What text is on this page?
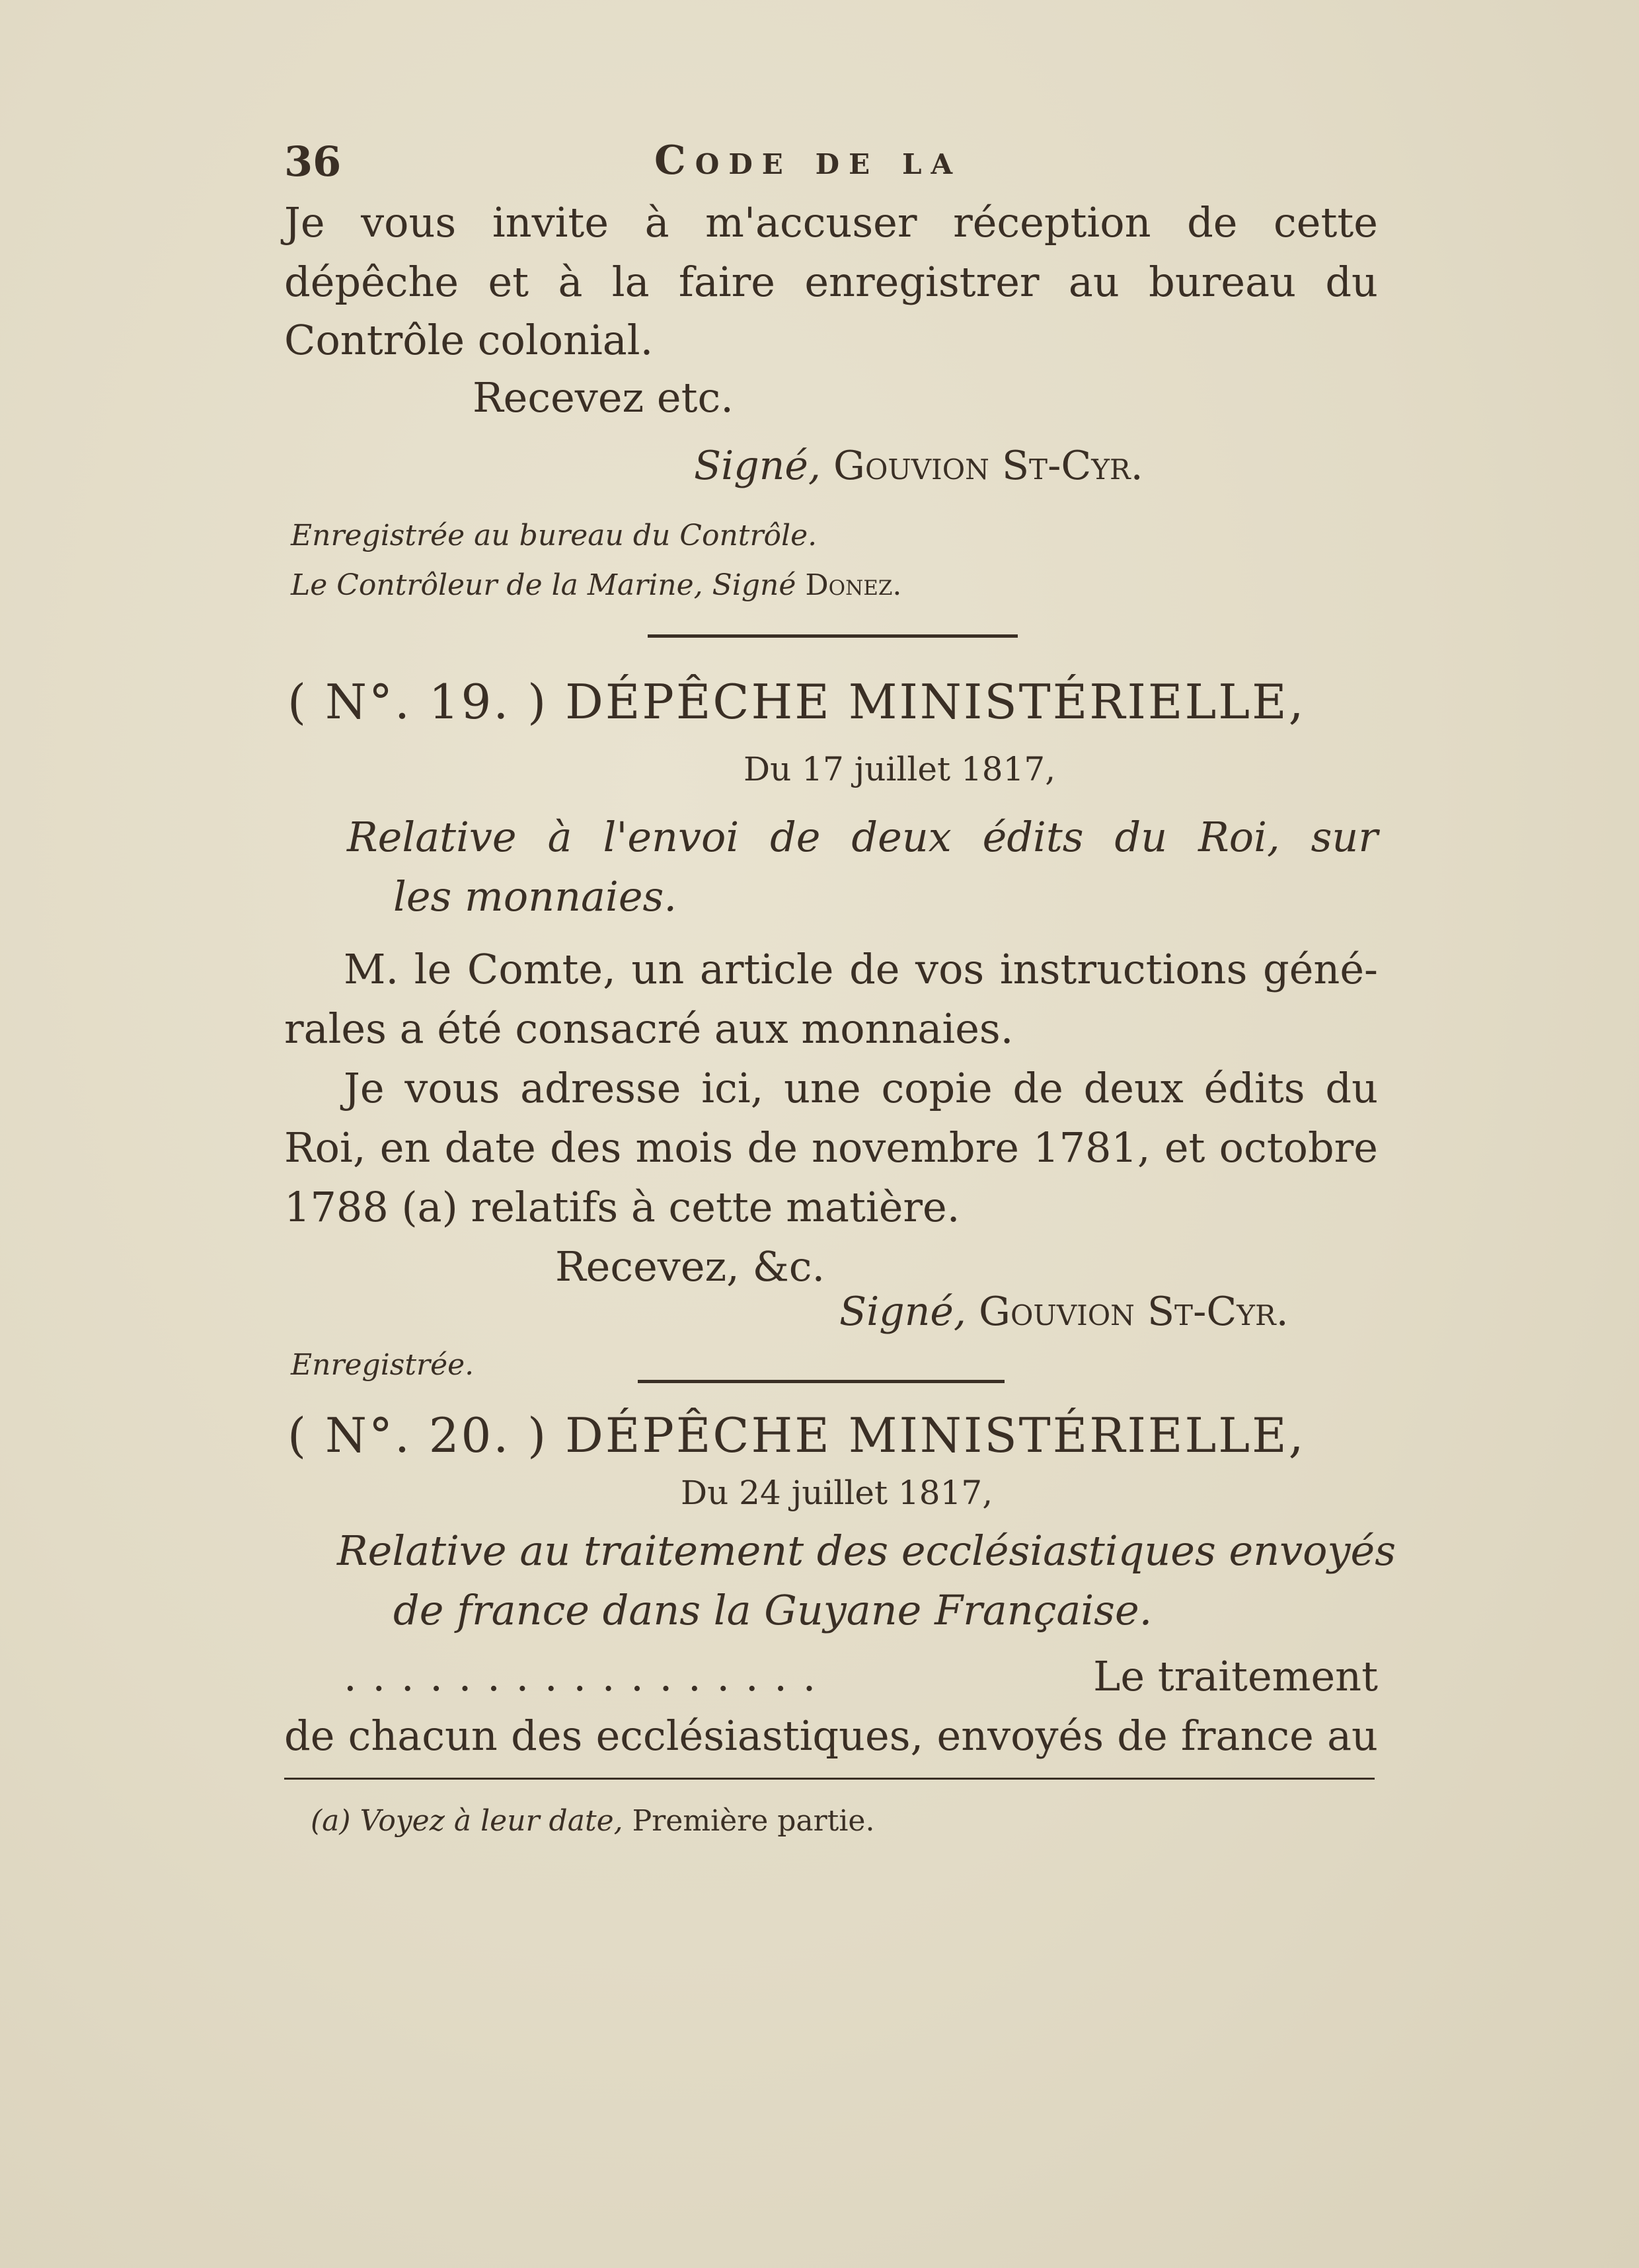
36	Code de la
Je vous invite à m'accuser réception de cette
dépêche et à la faire enregistrer au bureau du
Contrôle colonial.
Recevez etc.
Signé, Gouvion St-Cyr.
Enregistrée au bureau du Contrôle.
Le Contrôleur de la Marine, Signé Donez.
( N°. 19. ) DÉPÊCHE MINISTÉRIELLE,
Du 17 juillet 1817,
Relative à l'envoi de deux édits du Roi, sur
les monnaies.
M. le Comte, un article de vos instructions géné-
rales a été consacré aux monnaies.
Je vous adresse ici, une copie de deux édits du
Roi, en date des mois de novembre 1781, et octobre
1788 (a) relatifs à cette matière.
Recevez, &c.
Signé, Gouvion St-Cyr.
Enregistrée.
( N°. 20. ) DÉPÊCHE MINISTÉRIELLE,
Du 24 juillet 1817,
Relative au traitement des ecclésiastiques envoyés
de france dans la Guyane Française.
. . . . . . . . . . . . . . . . .	Le traitement
de chacun des ecclésiastiques, envoyés de france au
(a) Voyez à leur date, Première partie.
